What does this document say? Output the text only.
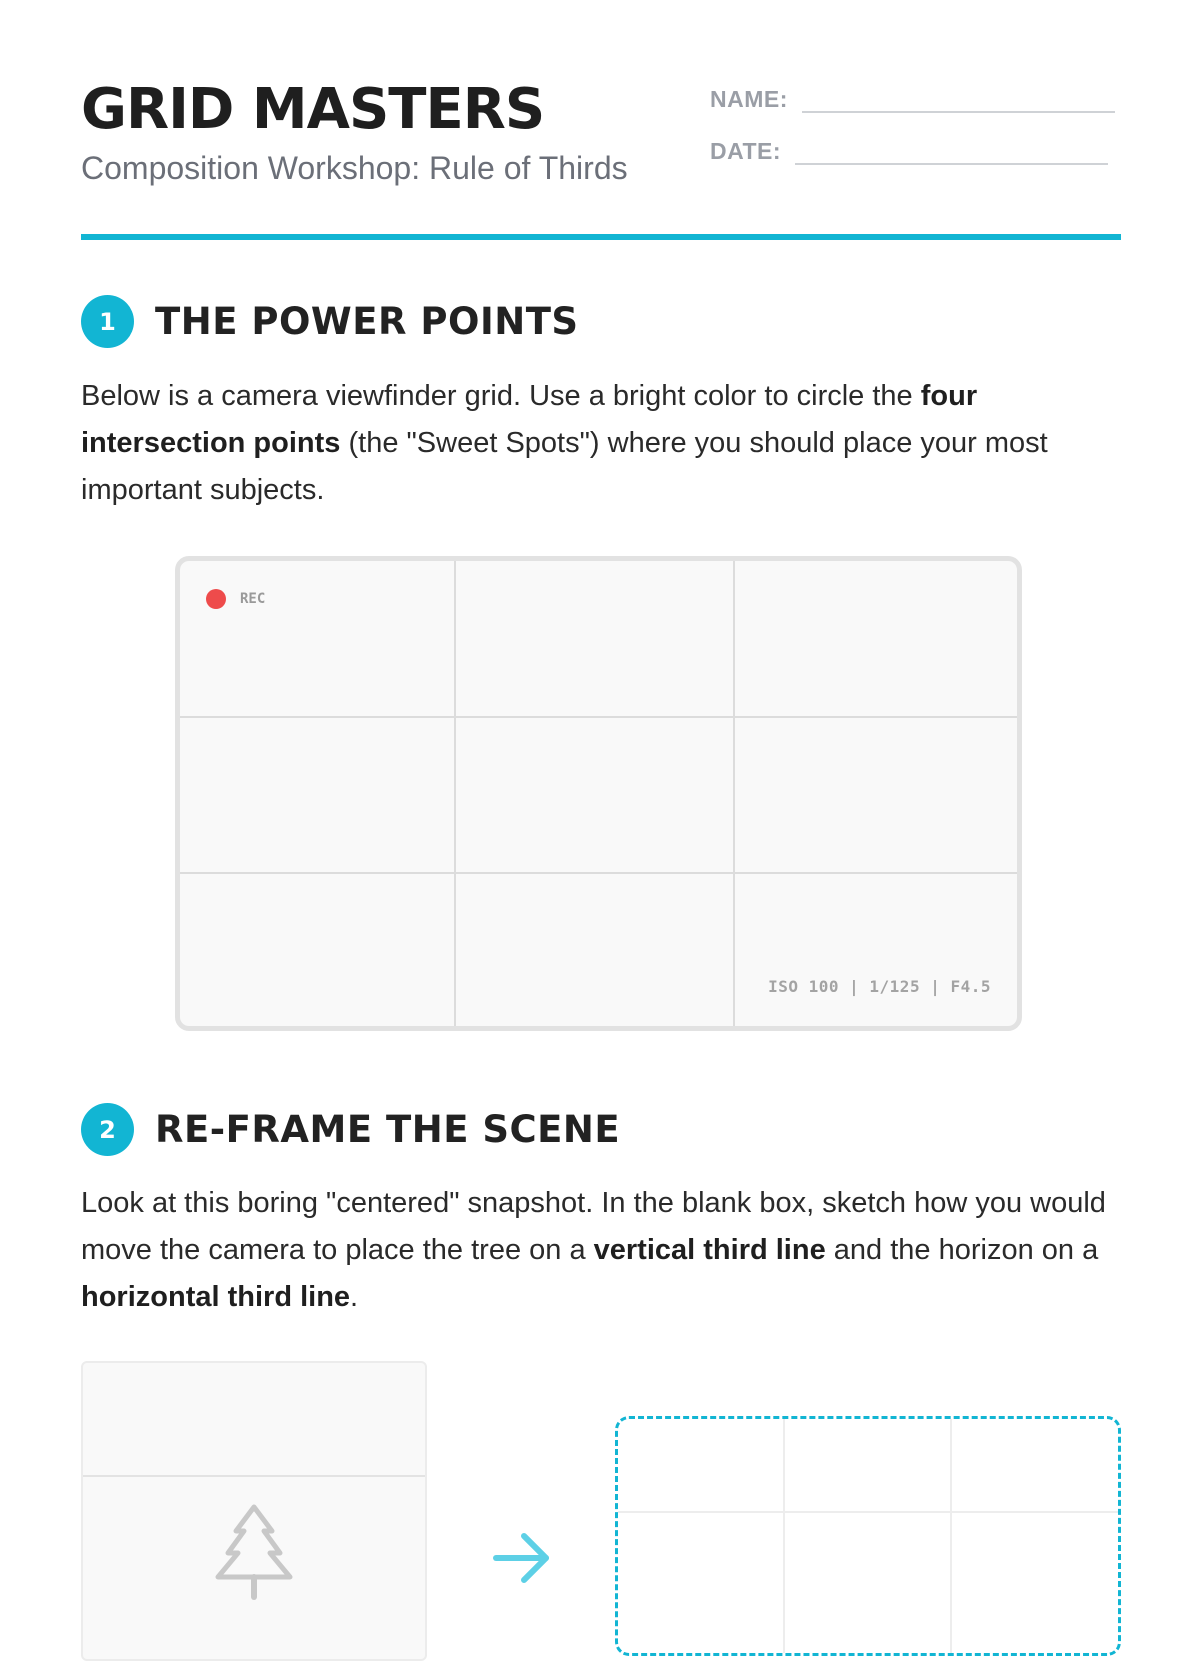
GRID MASTERS
Composition Workshop: Rule of Thirds
NAME:
DATE:
1	THE POWER POINTS
Below is a camera viewfinder grid. Use a bright color to circle the four intersection points (the "Sweet Spots") where you should place your most important subjects.
REC
ISO 100 | 1/125 | F4.5
2	RE-FRAME THE SCENE
Look at this boring "centered" snapshot. In the blank box, sketch how you would move the camera to place the tree on a vertical third line and the horizon on a horizontal third line.
